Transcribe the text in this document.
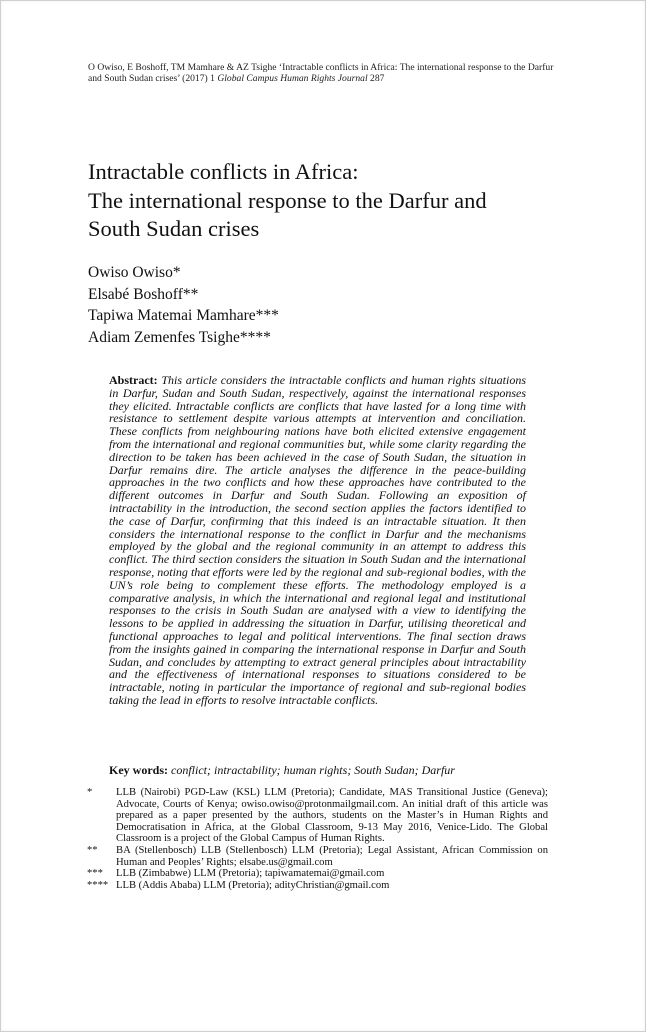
O Owiso, E Boshoff, TM Mamhare & AZ Tsighe ‘Intractable conflicts in Africa: The international response to the Darfur and South Sudan crises’ (2017) 1 Global Campus Human Rights Journal 287
Intractable conflicts in Africa:
The international response to the Darfur and
South Sudan crises
Owiso Owiso*
Elsabé Boshoff**
Tapiwa Matemai Mamhare***
Adiam Zemenfes Tsighe****
Abstract: This article considers the intractable conflicts and human rights situations in Darfur, Sudan and South Sudan, respectively, against the international responses they elicited. Intractable conflicts are conflicts that have lasted for a long time with resistance to settlement despite various attempts at intervention and conciliation. These conflicts from neighbouring nations have both elicited extensive engagement from the international and regional communities but, while some clarity regarding the direction to be taken has been achieved in the case of South Sudan, the situation in Darfur remains dire. The article analyses the difference in the peace-building approaches in the two conflicts and how these approaches have contributed to the different outcomes in Darfur and South Sudan. Following an exposition of intractability in the introduction, the second section applies the factors identified to the case of Darfur, confirming that this indeed is an intractable situation. It then considers the international response to the conflict in Darfur and the mechanisms employed by the global and the regional community in an attempt to address this conflict. The third section considers the situation in South Sudan and the international response, noting that efforts were led by the regional and sub-regional bodies, with the UN’s role being to complement these efforts. The methodology employed is a comparative analysis, in which the international and regional legal and institutional responses to the crisis in South Sudan are analysed with a view to identifying the lessons to be applied in addressing the situation in Darfur, utilising theoretical and functional approaches to legal and political interventions. The final section draws from the insights gained in comparing the international response in Darfur and South Sudan, and concludes by attempting to extract general principles about intractability and the effectiveness of international responses to situations considered to be intractable, noting in particular the importance of regional and sub-regional bodies taking the lead in efforts to resolve intractable conflicts.
Key words: conflict; intractability; human rights; South Sudan; Darfur
*	LLB (Nairobi) PGD-Law (KSL) LLM (Pretoria); Candidate, MAS Transitional Justice (Geneva); Advocate, Courts of Kenya; owiso.owiso@protonmailgmail.com. An initial draft of this article was prepared as a paper presented by the authors, students on the Master’s in Human Rights and Democratisation in Africa, at the Global Classroom, 9-13 May 2016, Venice-Lido. The Global Classroom is a project of the Global Campus of Human Rights.
**	BA (Stellenbosch) LLB (Stellenbosch) LLM (Pretoria); Legal Assistant, African Commission on Human and Peoples’ Rights; elsabe.us@gmail.com
***	LLB (Zimbabwe) LLM (Pretoria); tapiwamatemai@gmail.com
**** LLB (Addis Ababa) LLM (Pretoria); adityChristian@gmail.com
